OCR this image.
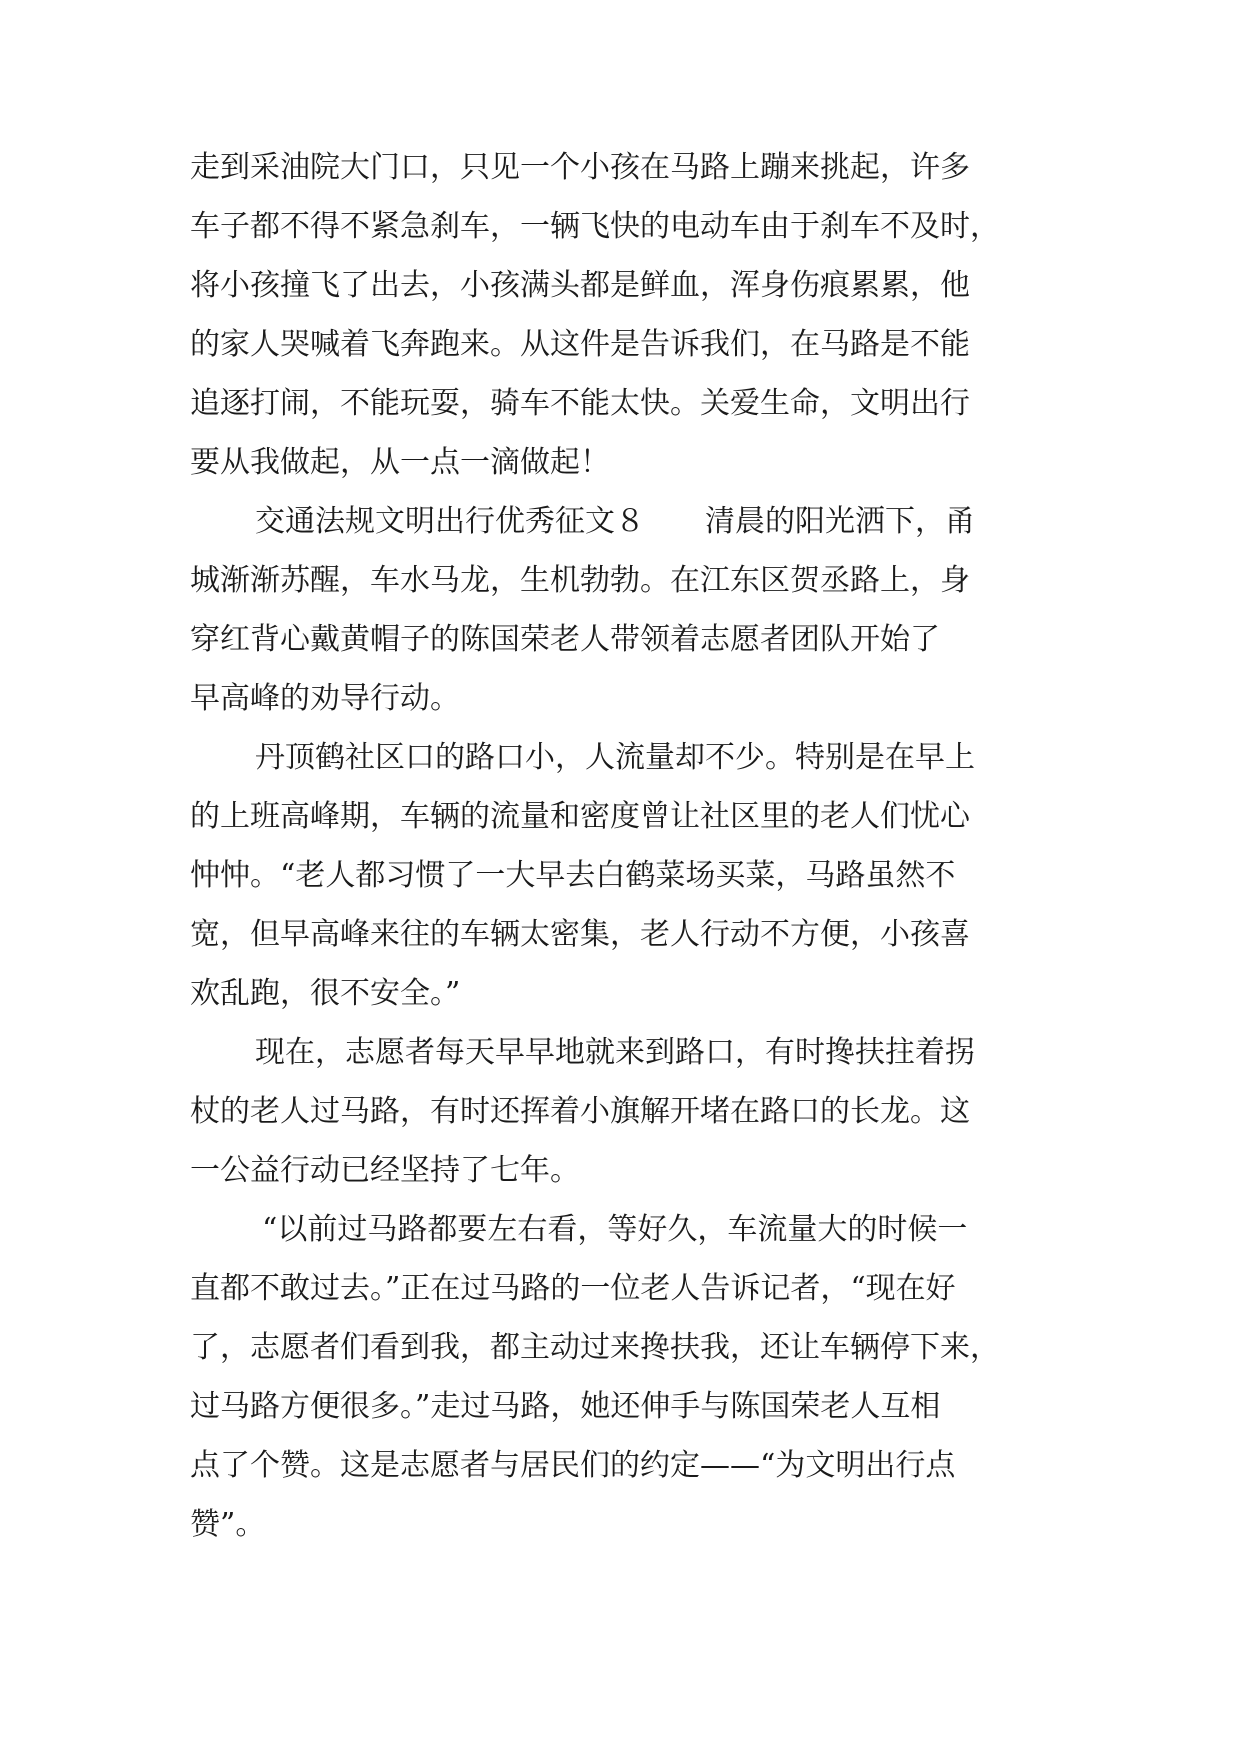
走到采油院大门口，只见一个小孩在马路上蹦来挑起，许多

车子都不得不紧急刹车，一辆飞快的电动车由于刹车不及时，

将小孩撞飞了出去，小孩满头都是鲜血，浑身伤痕累累，他

的家人哭喊着飞奔跑来。从这件是告诉我们，在马路是不能

追逐打闹，不能玩耍，骑车不能太快。关爱生命，文明出行

要从我做起，从一点一滴做起！

交通法规文明出行优秀征文８　　清晨的阳光洒下，甬

城渐渐苏醒，车水马龙，生机勃勃。在江东区贺丞路上，身

穿红背心戴黄帽子的陈国荣老人带领着志愿者团队开始了

早高峰的劝导行动。

丹顶鹤社区口的路口小，人流量却不少。特别是在早上

的上班高峰期，车辆的流量和密度曾让社区里的老人们忧心

忡忡。“老人都习惯了一大早去白鹤菜场买菜，马路虽然不

宽，但早高峰来往的车辆太密集，老人行动不方便，小孩喜

欢乱跑，很不安全。”

现在，志愿者每天早早地就来到路口，有时搀扶拄着拐

杖的老人过马路，有时还挥着小旗解开堵在路口的长龙。这

一公益行动已经坚持了七年。

“以前过马路都要左右看，等好久，车流量大的时候一

直都不敢过去。”正在过马路的一位老人告诉记者，“现在好

了，志愿者们看到我，都主动过来搀扶我，还让车辆停下来，

过马路方便很多。”走过马路，她还伸手与陈国荣老人互相

点了个赞。这是志愿者与居民们的约定——“为文明出行点

赞”。
